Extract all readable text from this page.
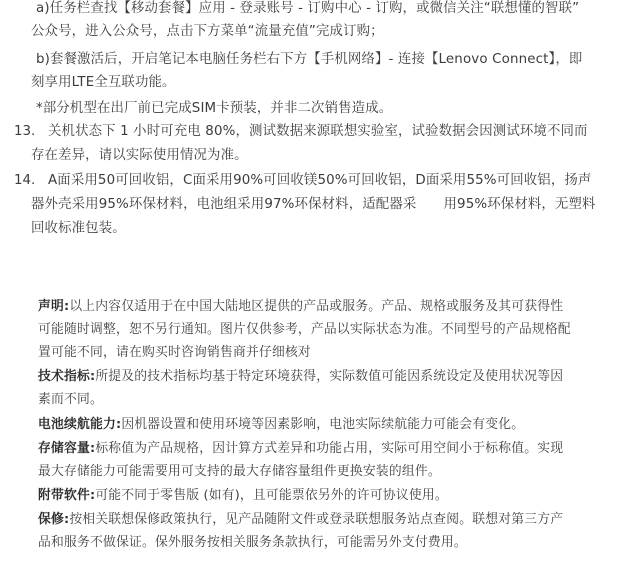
a)任务栏查找【移动套餐】应用 - 登录账号 - 订购中心 - 订购，或微信关注“联想懂的智联”
公众号，进入公众号，点击下方菜单“流量充值”完成订购；
b)套餐激活后，开启笔记本电脑任务栏右下方【手机网络】- 连接【Lenovo Connect】，即
刻享用LTE全互联功能。
*部分机型在出厂前已完成SIM卡预装，并非二次销售造成。
13. 关机状态下 1 小时可充电 80%，测试数据来源联想实验室，试验数据会因测试环境不同而
存在差异，请以实际使用情况为准。
14. A面采用50可回收铝，C面采用90%可回收镁50%可回收铝，D面采用55%可回收铝，扬声
器外壳采用95%环保材料，电池组采用97%环保材料，适配器采　　用95%环保材料，无塑料
回收标准包装。
声明:以上内容仅适用于在中国大陆地区提供的产品或服务。产品、规格或服务及其可获得性
可能随时调整，恕不另行通知。图片仅供参考，产品以实际状态为准。不同型号的产品规格配
置可能不同，请在购买时咨询销售商并仔细核对
技术指标:所提及的技术指标均基于特定环境获得，实际数值可能因系统设定及使用状况等因
素而不同。
电池续航能力:因机器设置和使用环境等因素影响，电池实际续航能力可能会有变化。
存储容量:标称值为产品规格，因计算方式差异和功能占用，实际可用空间小于标称值。实现
最大存储能力可能需要用可支持的最大存储容量组件更换安装的组件。
附带软件:可能不同于零售版 (如有)，且可能票依另外的许可协议使用。
保修:按相关联想保修政策执行，见产品随附文件或登录联想服务站点查阅。联想对第三方产
品和服务不做保证。保外服务按相关服务条款执行，可能需另外支付费用。
